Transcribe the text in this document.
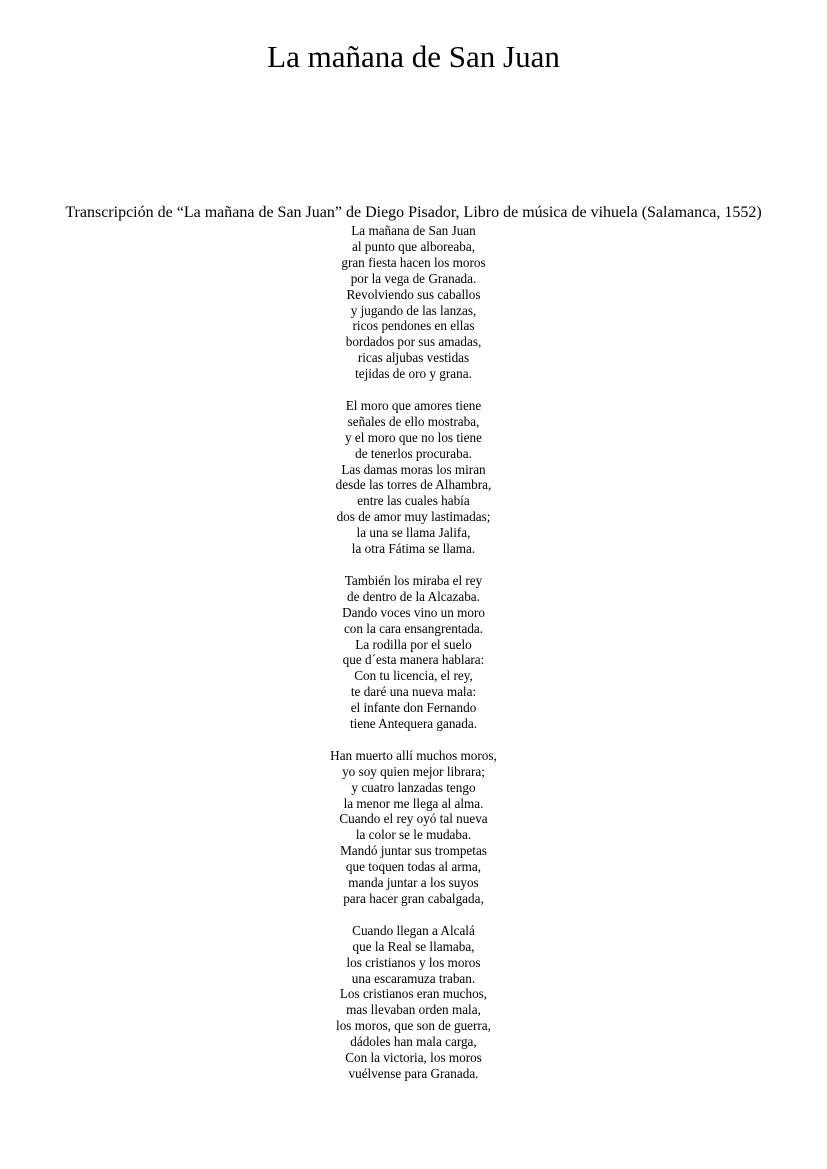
La mañana de San Juan

Transcripción de “La mañana de San Juan” de Diego Pisador, Libro de música de vihuela (Salamanca, 1552)

La mañana de San Juan
al punto que alboreaba,
gran fiesta hacen los moros
por la vega de Granada.
Revolviendo sus caballos
y jugando de las lanzas,
ricos pendones en ellas
bordados por sus amadas,
ricas aljubas vestidas
tejidas de oro y grana.
El moro que amores tiene
señales de ello mostraba,
y el moro que no los tiene
de tenerlos procuraba.
Las damas moras los miran
desde las torres de Alhambra,
entre las cuales había
dos de amor muy lastimadas;
la una se llama Jalifa,
la otra Fátima se llama.
También los miraba el rey
de dentro de la Alcazaba.
Dando voces vino un moro
con la cara ensangrentada.
La rodilla por el suelo
que d´esta manera hablara:
Con tu licencia, el rey,
te daré una nueva mala:
el infante don Fernando
tiene Antequera ganada.
Han muerto allí muchos moros,
yo soy quien mejor librara;
y cuatro lanzadas tengo
la menor me llega al alma.
Cuando el rey oyó tal nueva
la color se le mudaba.
Mandó juntar sus trompetas
que toquen todas al arma,
manda juntar a los suyos
para hacer gran cabalgada,
Cuando llegan a Alcalá
que la Real se llamaba,
los cristianos y los moros
una escaramuza traban.
Los cristianos eran muchos,
mas llevaban orden mala,
los moros, que son de guerra,
dádoles han mala carga,
Con la victoria, los moros
vuélvense para Granada.
